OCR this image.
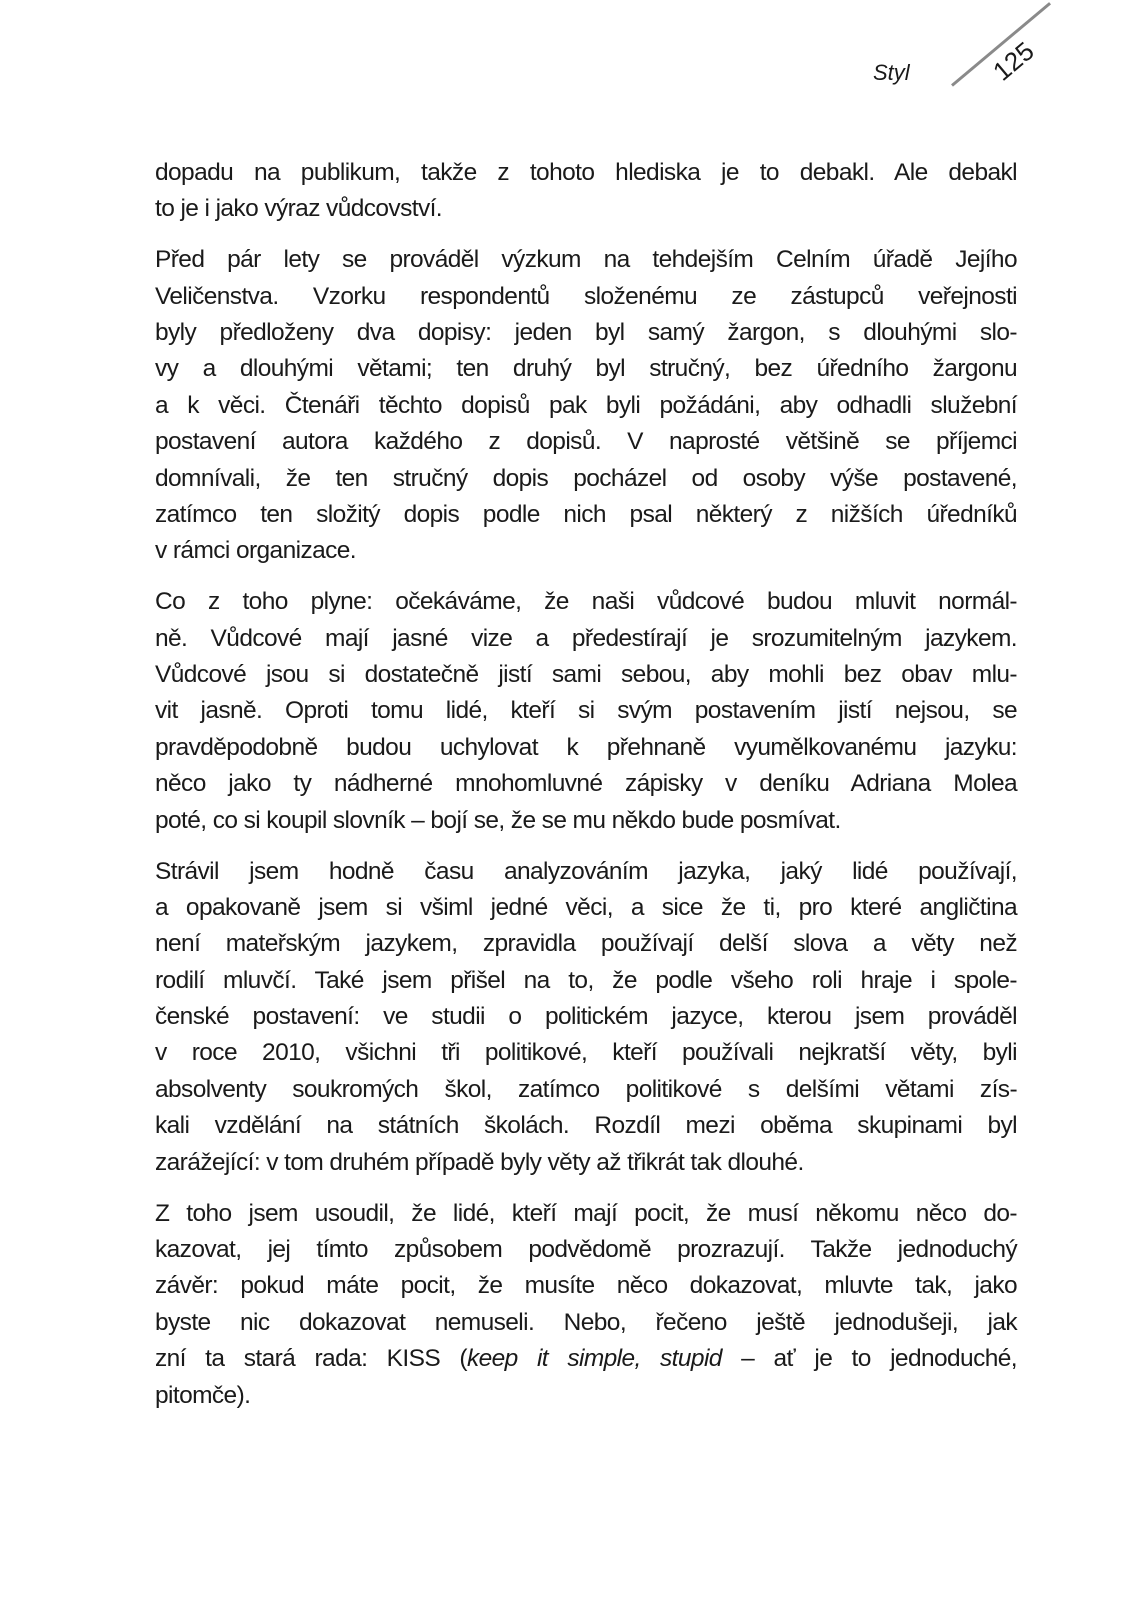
Styl	125
dopadu na publikum, takže z tohoto hlediska je to debakl. Ale debakl
to je i jako výraz vůdcovství.
Před pár lety se prováděl výzkum na tehdejším Celním úřadě Jejího
Veličenstva. Vzorku respondentů složenému ze zástupců veřejnosti
byly předloženy dva dopisy: jeden byl samý žargon, s dlouhými slo-
vy a dlouhými větami; ten druhý byl stručný, bez úředního žargonu
a k věci. Čtenáři těchto dopisů pak byli požádáni, aby odhadli služební
postavení autora každého z dopisů. V naprosté většině se příjemci
domnívali, že ten stručný dopis pocházel od osoby výše postavené,
zatímco ten složitý dopis podle nich psal některý z nižších úředníků
v rámci organizace.
Co z toho plyne: očekáváme, že naši vůdcové budou mluvit normál-
ně. Vůdcové mají jasné vize a předestírají je srozumitelným jazykem.
Vůdcové jsou si dostatečně jistí sami sebou, aby mohli bez obav mlu-
vit jasně. Oproti tomu lidé, kteří si svým postavením jistí nejsou, se
pravděpodobně budou uchylovat k přehnaně vyumělkovanému jazyku:
něco jako ty nádherné mnohomluvné zápisky v deníku Adriana Molea
poté, co si koupil slovník – bojí se, že se mu někdo bude posmívat.
Strávil jsem hodně času analyzováním jazyka, jaký lidé používají,
a opakovaně jsem si všiml jedné věci, a sice že ti, pro které angličtina
není mateřským jazykem, zpravidla používají delší slova a věty než
rodilí mluvčí. Také jsem přišel na to, že podle všeho roli hraje i spole-
čenské postavení: ve studii o politickém jazyce, kterou jsem prováděl
v roce 2010, všichni tři politikové, kteří používali nejkratší věty, byli
absolventy soukromých škol, zatímco politikové s delšími větami zís-
kali vzdělání na státních školách. Rozdíl mezi oběma skupinami byl
zarážející: v tom druhém případě byly věty až třikrát tak dlouhé.
Z toho jsem usoudil, že lidé, kteří mají pocit, že musí někomu něco do-
kazovat, jej tímto způsobem podvědomě prozrazují. Takže jednoduchý
závěr: pokud máte pocit, že musíte něco dokazovat, mluvte tak, jako
byste nic dokazovat nemuseli. Nebo, řečeno ještě jednodušeji, jak
zní ta stará rada: KISS (keep it simple, stupid – ať je to jednoduché,
pitomče).
